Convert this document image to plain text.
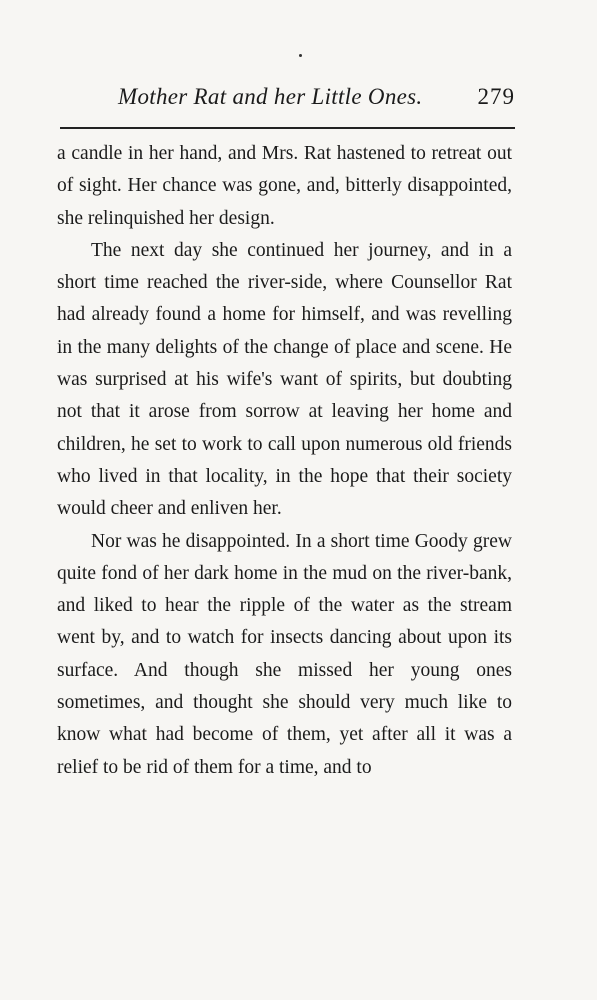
Mother Rat and her Little Ones. 279

a candle in her hand, and Mrs. Rat hastened to retreat out of sight. Her chance was gone, and, bitterly disappointed, she relinquished her design.

The next day she continued her journey, and in a short time reached the river-side, where Counsellor Rat had already found a home for himself, and was revelling in the many delights of the change of place and scene. He was surprised at his wife's want of spirits, but doubting not that it arose from sorrow at leaving her home and children, he set to work to call upon numerous old friends who lived in that locality, in the hope that their society would cheer and enliven her.

Nor was he disappointed. In a short time Goody grew quite fond of her dark home in the mud on the river-bank, and liked to hear the ripple of the water as the stream went by, and to watch for insects dancing about upon its surface. And though she missed her young ones sometimes, and thought she should very much like to know what had become of them, yet after all it was a relief to be rid of them for a time, and to
